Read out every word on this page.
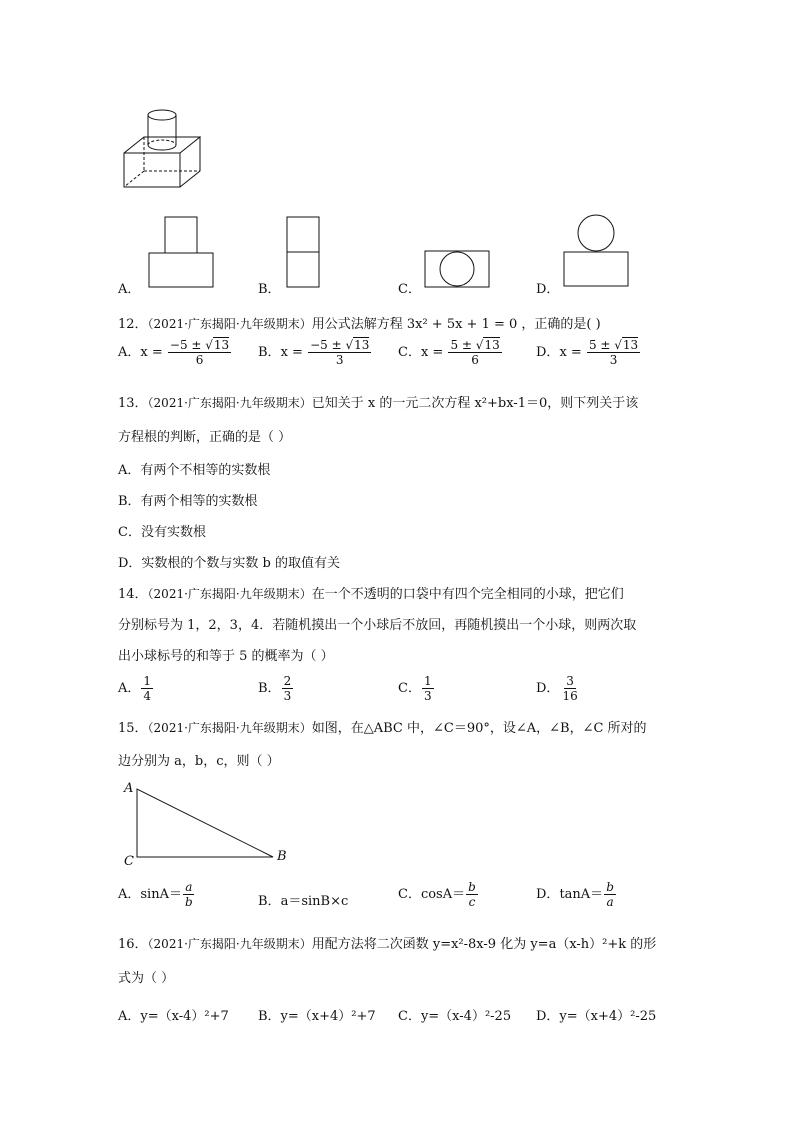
A．	B．	C．	D．
12．（2021·广东揭阳·九年级期末）用公式法解方程 3x² + 5x + 1 = 0 ，正确的是( )
A．$x = \frac{-5 \pm √13}{6}$ B．$x = \frac{-5 \pm √13}{3}$ C．$x = \frac{5 \pm √13}{6}$	D．$x = \frac{5 \pm √13}{3}$
13．（2021·广东揭阳·九年级期末）已知关于 x 的一元二次方程 x²+bx-1＝0，则下列关于该
方程根的判断，正确的是（ ）
A．有两个不相等的实数根
B．有两个相等的实数根
C．没有实数根
D．实数根的个数与实数 b 的取值有关
14．（2021·广东揭阳·九年级期末）在一个不透明的口袋中有四个完全相同的小球，把它们
分别标号为 1，2，3，4．若随机摸出一个小球后不放回，再随机摸出一个小球，则两次取
出小球标号的和等于 5 的概率为（ ）
A． $\frac{1}{4}$	B． $\frac{2}{3}$	C． $\frac{1}{3}$	D． $\frac{3}{16}$
15．（2021·广东揭阳·九年级期末）如图，在△ABC 中，∠C＝90°，设∠A，∠B，∠C 所对的
边分别为 a，b，c，则（ ）
A
C	B
A．$\sin A= \frac{a}{b}$	B．a＝sinB×c	C．$\cos A= \frac{b}{c}$	D．$\tan A= \frac{b}{a}$
16．（2021·广东揭阳·九年级期末）用配方法将二次函数 y=x²-8x-9 化为 y=a（x-h）²+k 的形
式为（ ）
A．y=（x-4）²+7 B．y=（x+4）²+7 C．y=（x-4）²-25 D．y=（x+4）²-25
